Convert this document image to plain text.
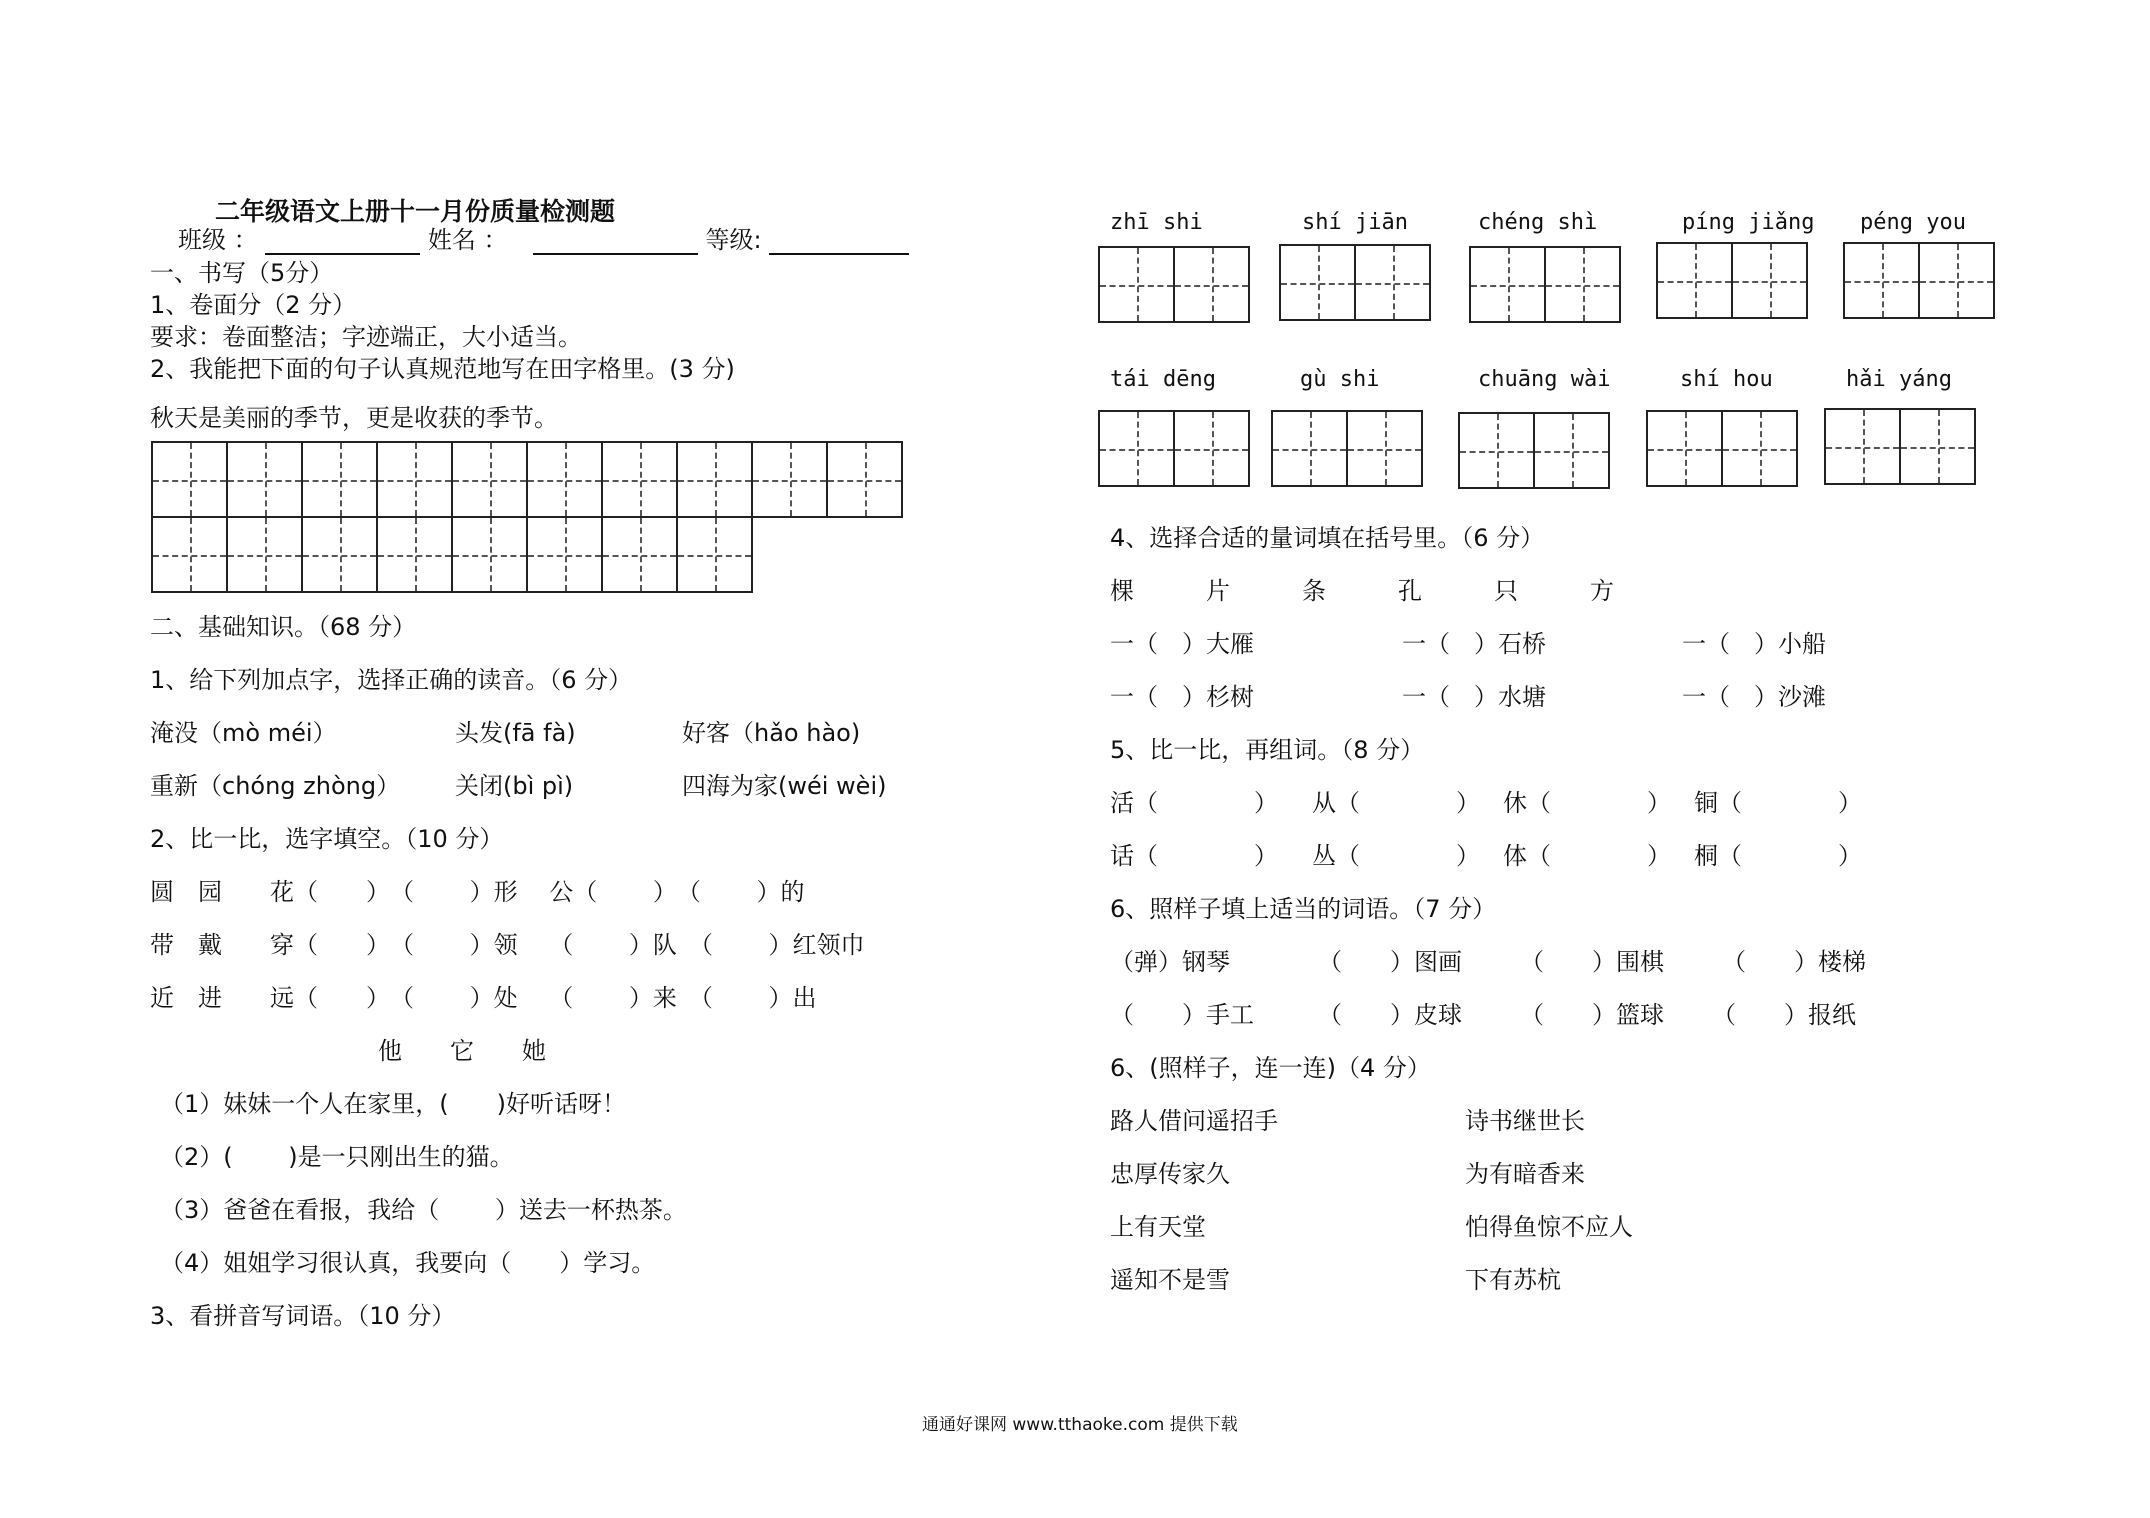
二年级语文上册十一月份质量检测题
班级 ：	姓名 ：	等级:
一、书写（5分）
1、卷面分（2 分）
要求：卷面整洁；字迹端正，大小适当。
2、我能把下面的句子认真规范地写在田字格里。(3 分)
秋天是美丽的季节，更是收获的季节。
二、基础知识。（68 分）
1、给下列加点字，选择正确的读音。（6 分）
淹没（mò méi）	头发(fā fà)	好客（hǎo hào)
重新（chóng zhòng） 关闭(bì pì)	四海为家(wéi wèi)
2、比一比，选字填空。（10 分）
圆　园　　花（　　）　（　　 ）形　 公（　　 ）　（　　 ）的
带　戴　　穿（　　）　（　　 ）领　 （　　 ）队　（　　 ）红领巾
近　进　　远（　　）　（　　 ）处　 （　　 ）来　（　　 ）出
他　　它　　她
（1）妹妹一个人在家里，(　　)好听话呀！
（2）(　　 )是一只刚出生的猫。
（3）爸爸在看报，我给（　　 ）送去一杯热茶。
（4）姐姐学习很认真，我要向（　　）学习。
3、看拼音写词语。（10 分）
zhī shi	shí jiān	chéng shì	píng jiǎng péng you
tái dēng	gù shi	chuāng wài	shí hou	hǎi yáng
4、选择合适的量词填在括号里。（6 分）
棵　　　片　　　条　　　孔　　　只　　　方
一（　）大雁	一（　）石桥	一（　）小船
一（　）杉树	一（　）水塘	一（　）沙滩
5、比一比，再组词。（8 分）
活（　　　　） 从（　　　　） 休（　　　　） 铜（　　　　）
话（　　　　） 丛（　　　　） 体（　　　　） 桐（　　　　）
6、照样子填上适当的词语。（7 分）
（弹）钢琴	（　　）图画 （　　）围棋 （　　）楼梯
（　　）手工	（　　）皮球 （　　）篮球 （　　）报纸
6、(照样子，连一连)（4 分）
路人借问遥招手
忠厚传家久
上有天堂
遥知不是雪
诗书继世长
为有暗香来
怕得鱼惊不应人
下有苏杭
通通好课网 www.tthaoke.com 提供下载
